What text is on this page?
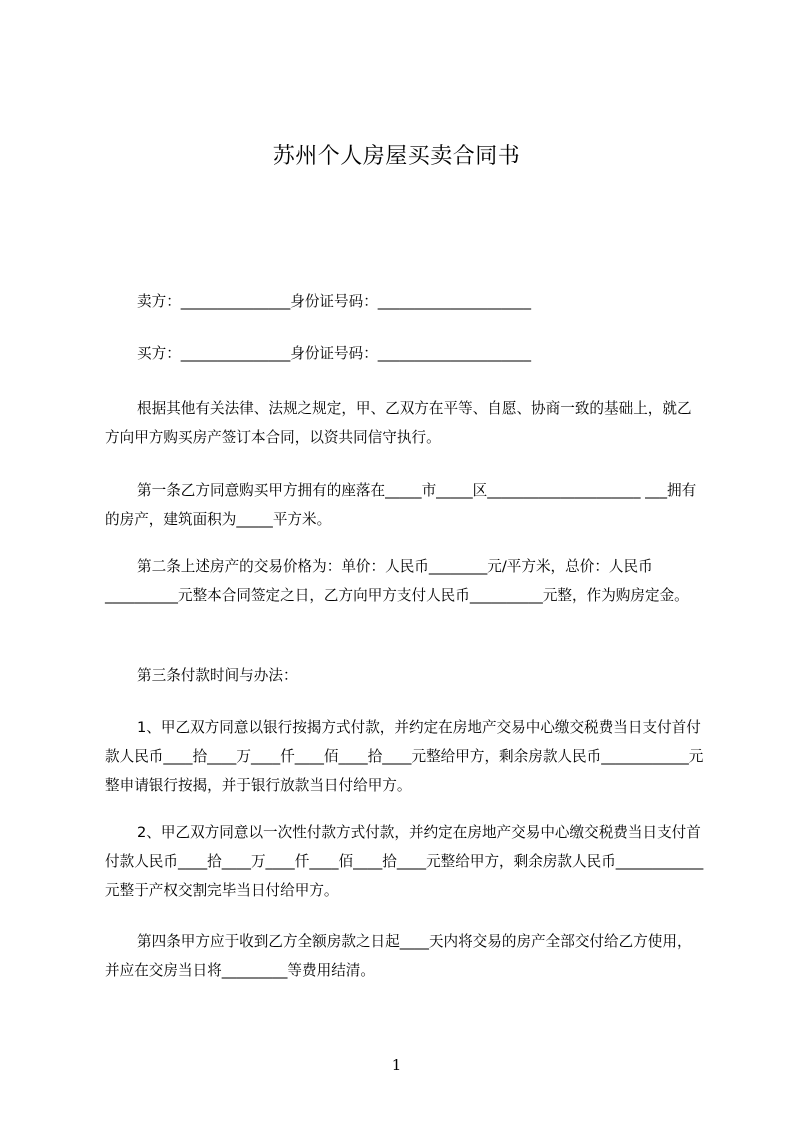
苏州个人房屋买卖合同书

卖方：_______________身份证号码：_____________________

买方：_______________身份证号码：_____________________

根据其他有关法律、法规之规定，甲、乙双方在平等、自愿、协商一致的基础上，就乙方向甲方购买房产签订本合同，以资共同信守执行。

第一条乙方同意购买甲方拥有的座落在_____市_____区_____________________ ___拥有的房产，建筑面积为_____平方米。

第二条上述房产的交易价格为：单价：人民币________元/平方米，总价：人民币__________元整本合同签定之日，乙方向甲方支付人民币__________元整，作为购房定金。

第三条付款时间与办法：

1、甲乙双方同意以银行按揭方式付款，并约定在房地产交易中心缴交税费当日支付首付款人民币____拾____万____仟____佰____拾____元整给甲方，剩余房款人民币____________元整申请银行按揭，并于银行放款当日付给甲方。

2、甲乙双方同意以一次性付款方式付款，并约定在房地产交易中心缴交税费当日支付首付款人民币____拾____万____仟____佰____拾____元整给甲方，剩余房款人民币____________元整于产权交割完毕当日付给甲方。

第四条甲方应于收到乙方全额房款之日起____天内将交易的房产全部交付给乙方使用，并应在交房当日将_________等费用结清。

1
